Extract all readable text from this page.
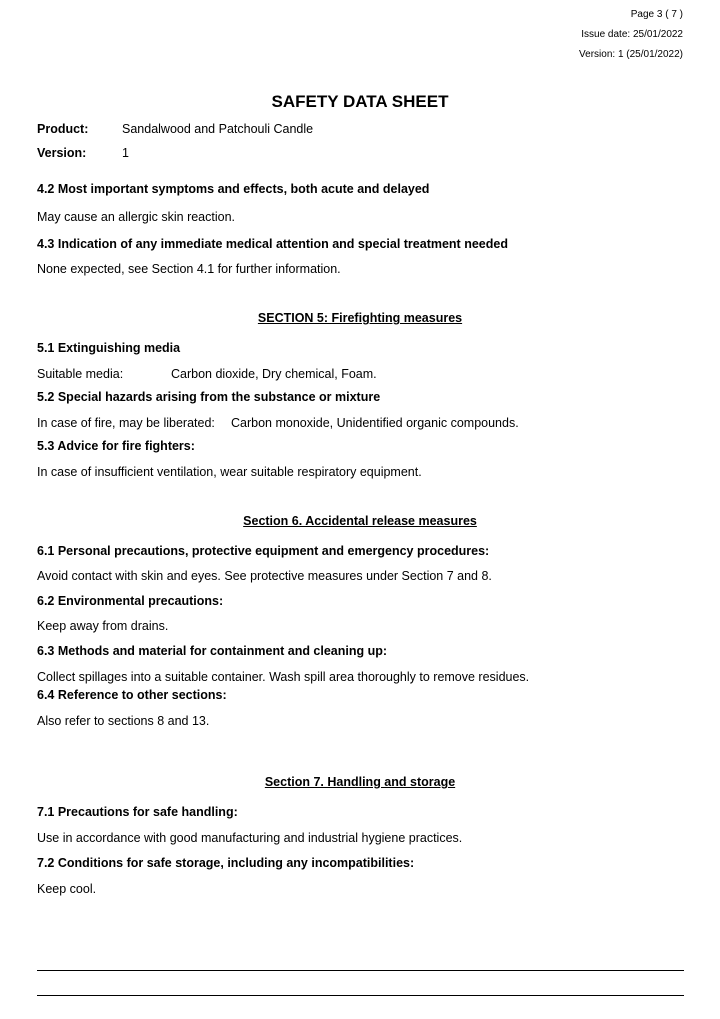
Page 3 ( 7 )
Issue date: 25/01/2022
Version: 1 (25/01/2022)
SAFETY DATA SHEET
Product:	Sandalwood and Patchouli Candle
Version:	1
4.2 Most important symptoms and effects, both acute and delayed
May cause an allergic skin reaction.
4.3 Indication of any immediate medical attention and special treatment needed
None expected, see Section 4.1 for further information.
SECTION 5: Firefighting measures
5.1 Extinguishing media
Suitable media:	Carbon dioxide, Dry chemical, Foam.
5.2 Special hazards arising from the substance or mixture
In case of fire, may be liberated: Carbon monoxide, Unidentified organic compounds.
5.3 Advice for fire fighters:
In case of insufficient ventilation, wear suitable respiratory equipment.
Section 6. Accidental release measures
6.1 Personal precautions, protective equipment and emergency procedures:
Avoid contact with skin and eyes. See protective measures under Section 7 and 8.
6.2 Environmental precautions:
Keep away from drains.
6.3 Methods and material for containment and cleaning up:
Collect spillages into a suitable container. Wash spill area thoroughly to remove residues.
6.4 Reference to other sections:
Also refer to sections 8 and 13.
Section 7. Handling and storage
7.1 Precautions for safe handling:
Use in accordance with good manufacturing and industrial hygiene practices.
7.2 Conditions for safe storage, including any incompatibilities:
Keep cool.
